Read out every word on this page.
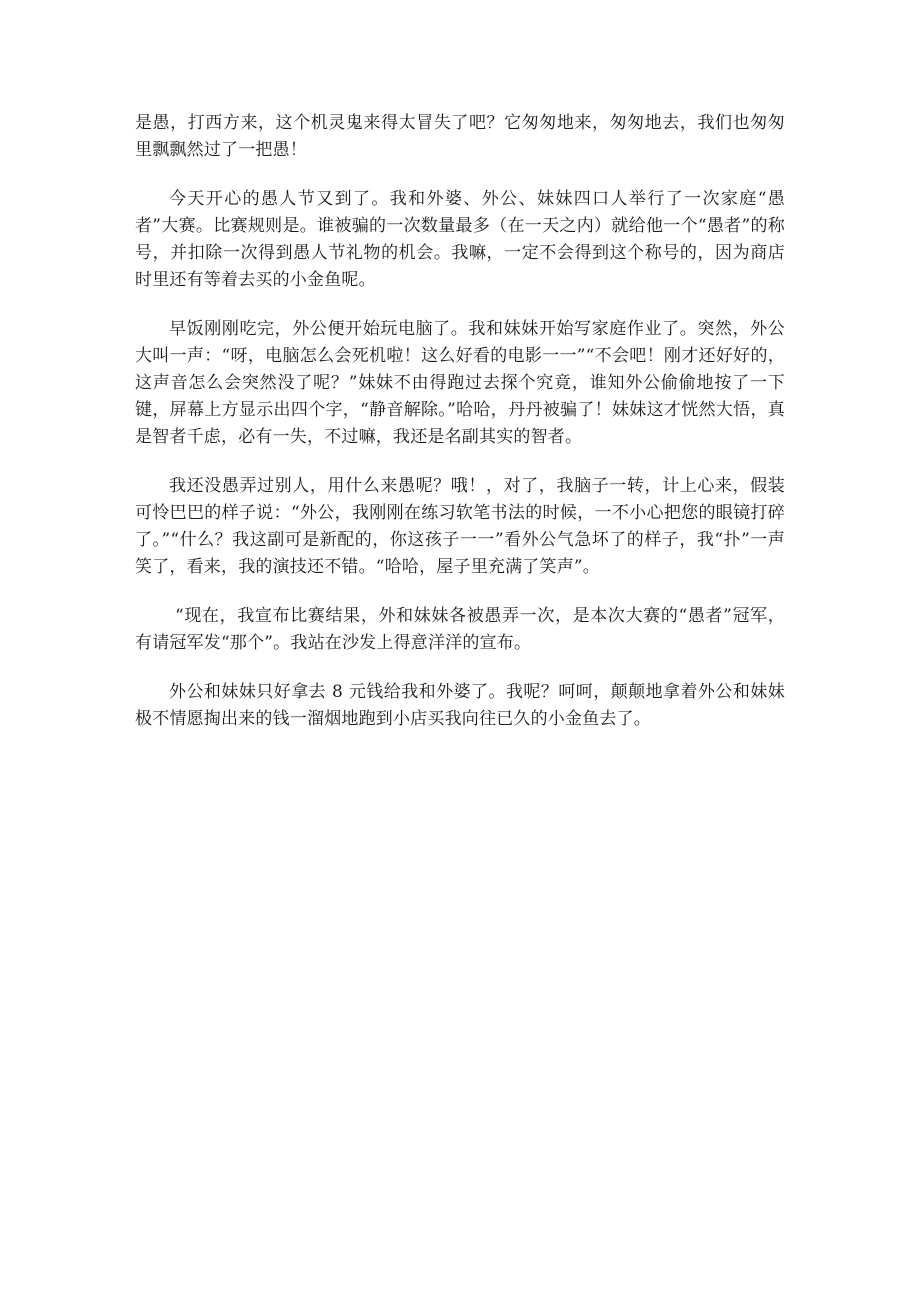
是愚，打西方来，这个机灵鬼来得太冒失了吧？它匆匆地来，匆匆地去，我们也匆匆里飘飘然过了一把愚！

今天开心的愚人节又到了。我和外婆、外公、妹妹四口人举行了一次家庭“愚者”大赛。比赛规则是。谁被骗的一次数量最多（在一天之内）就给他一个“愚者”的称号，并扣除一次得到愚人节礼物的机会。我嘛，一定不会得到这个称号的，因为商店时里还有等着去买的小金鱼呢。

早饭刚刚吃完，外公便开始玩电脑了。我和妹妹开始写家庭作业了。突然，外公大叫一声：“呀，电脑怎么会死机啦！这么好看的电影一一”“不会吧！刚才还好好的，这声音怎么会突然没了呢？”妹妹不由得跑过去探个究竟，谁知外公偷偷地按了一下键，屏幕上方显示出四个字，“静音解除。”哈哈，丹丹被骗了！妹妹这才恍然大悟，真是智者千虑，必有一失，不过嘛，我还是名副其实的智者。

我还没愚弄过别人，用什么来愚呢？哦！，对了，我脑子一转，计上心来，假装可怜巴巴的样子说：“外公，我刚刚在练习软笔书法的时候，一不小心把您的眼镜打碎了。”“什么？我这副可是新配的，你这孩子一一”看外公气急坏了的样子，我“扑”一声笑了，看来，我的演技还不错。“哈哈，屋子里充满了笑声”。

“现在，我宣布比赛结果，外和妹妹各被愚弄一次，是本次大赛的“愚者”冠军，有请冠军发“那个”。我站在沙发上得意洋洋的宣布。

外公和妹妹只好拿去 8 元钱给我和外婆了。我呢？呵呵，颠颠地拿着外公和妹妹极不情愿掏出来的钱一溜烟地跑到小店买我向往已久的小金鱼去了。
